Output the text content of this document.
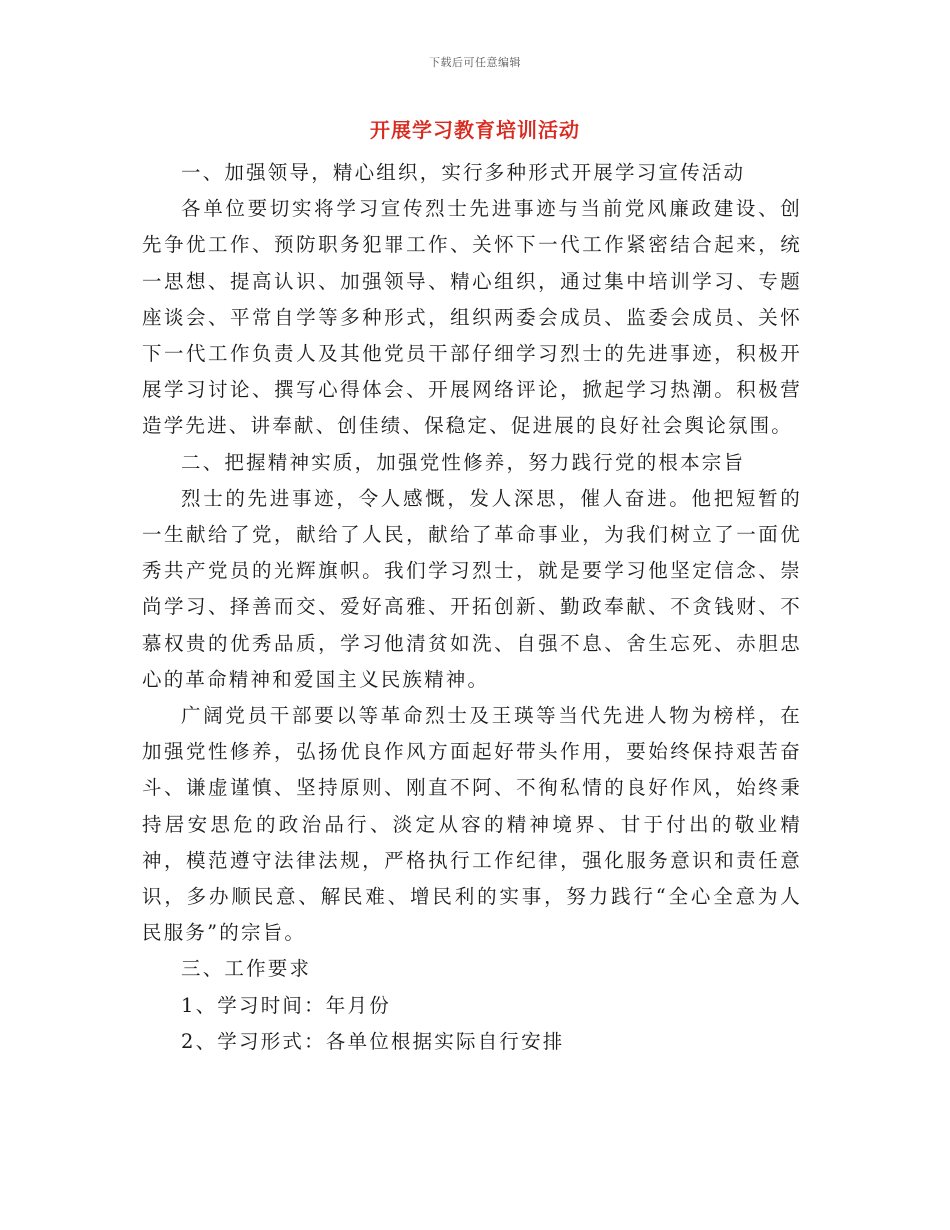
下载后可任意编辑
开展学习教育培训活动

一、加强领导，精心组织，实行多种形式开展学习宣传活动

各单位要切实将学习宣传烈士先进事迹与当前党风廉政建设、创先争优工作、预防职务犯罪工作、关怀下一代工作紧密结合起来，统一思想、提高认识、加强领导、精心组织，通过集中培训学习、专题座谈会、平常自学等多种形式，组织两委会成员、监委会成员、关怀下一代工作负责人及其他党员干部仔细学习烈士的先进事迹，积极开展学习讨论、撰写心得体会、开展网络评论，掀起学习热潮。积极营造学先进、讲奉献、创佳绩、保稳定、促进展的良好社会舆论氛围。

二、把握精神实质，加强党性修养，努力践行党的根本宗旨

烈士的先进事迹，令人感慨，发人深思，催人奋进。他把短暂的一生献给了党，献给了人民，献给了革命事业，为我们树立了一面优秀共产党员的光辉旗帜。我们学习烈士，就是要学习他坚定信念、崇尚学习、择善而交、爱好高雅、开拓创新、勤政奉献、不贪钱财、不慕权贵的优秀品质，学习他清贫如洗、自强不息、舍生忘死、赤胆忠心的革命精神和爱国主义民族精神。

广阔党员干部要以等革命烈士及王瑛等当代先进人物为榜样，在加强党性修养，弘扬优良作风方面起好带头作用，要始终保持艰苦奋斗、谦虚谨慎、坚持原则、刚直不阿、不徇私情的良好作风，始终秉持居安思危的政治品行、淡定从容的精神境界、甘于付出的敬业精神，模范遵守法律法规，严格执行工作纪律，强化服务意识和责任意识，多办顺民意、解民难、增民利的实事，努力践行“全心全意为人民服务”的宗旨。

三、工作要求

1、学习时间：年月份

2、学习形式：各单位根据实际自行安排
